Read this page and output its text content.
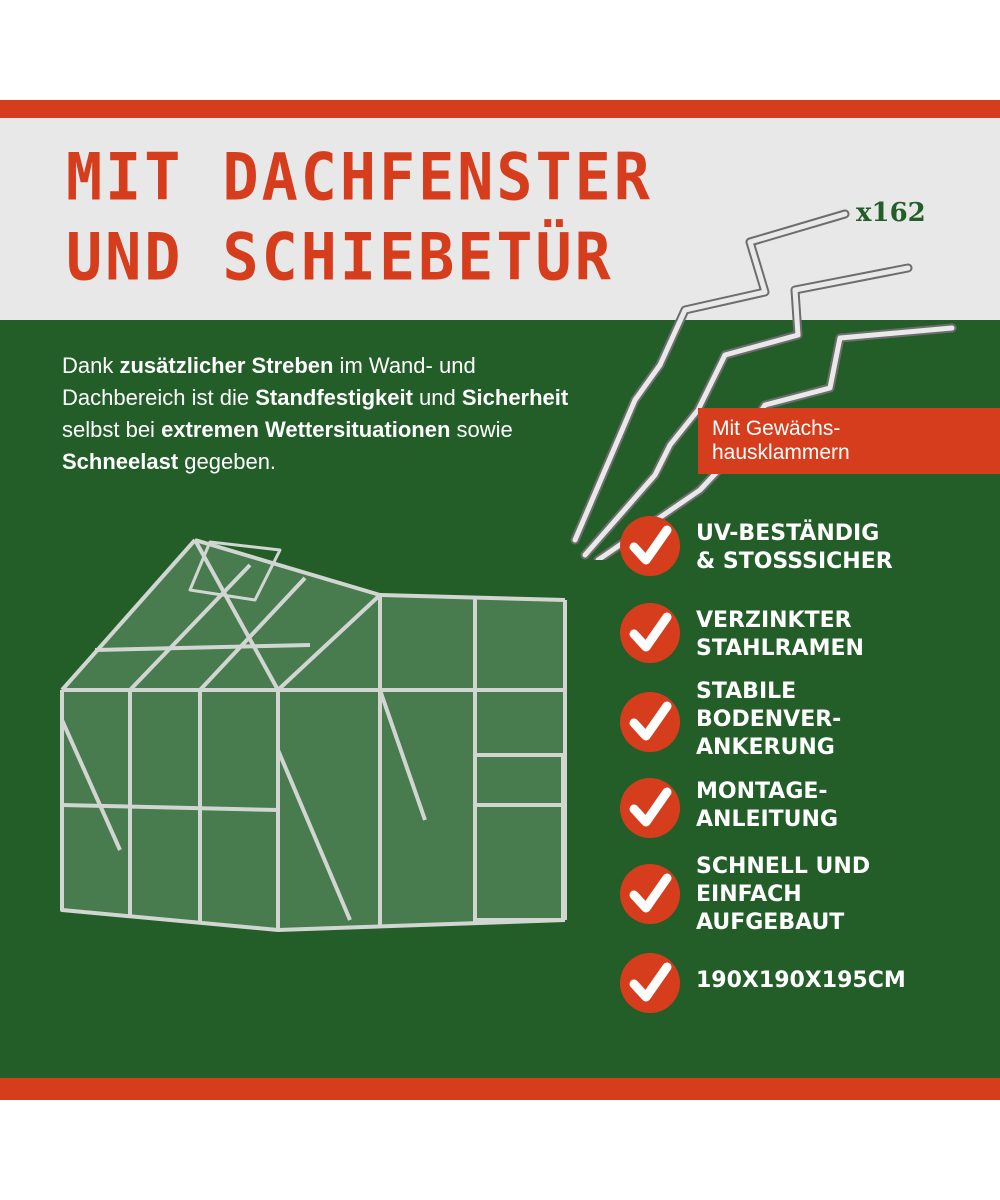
MIT DACHFENSTER
UND SCHIEBETÜR

Dank zusätzlicher Streben im Wand- und Dachbereich ist die Standfestigkeit und Sicherheit selbst bei extremen Wettersituationen sowie Schneelast gegeben.

x162
Mit Gewächs-
hausklammern
UV-BESTÄNDIG
& STOSSSICHER
VERZINKTER
STAHLRAMEN
STABILE
BODENVER-
ANKERUNG
MONTAGE-
ANLEITUNG
SCHNELL UND
EINFACH
AUFGEBAUT
190X190X195CM
